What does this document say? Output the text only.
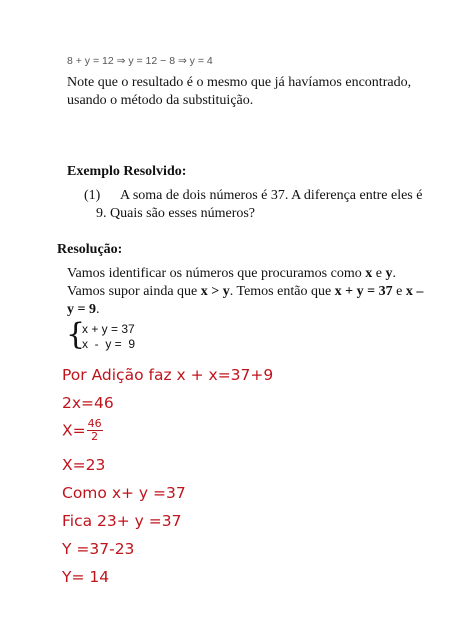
8 + y = 12 ⇒ y = 12 − 8 ⇒ y = 4
Note que o resultado é o mesmo que já havíamos encontrado,
usando o método da substituição.
Exemplo Resolvido:
(1) A soma de dois números é 37. A diferença entre eles é
9. Quais são esses números?
Resolução:
Vamos identificar os números que procuramos como x e y.
Vamos supor ainda que x > y. Temos então que x + y = 37 e x –
y = 9.
{
x + y = 37
x  -  y =  9
Por Adição faz x + x=37+9
2x=46
$X= \frac{46}{2}$
X=23
Como x+ y =37
Fica 23+ y =37
Y =37-23
Y= 14
